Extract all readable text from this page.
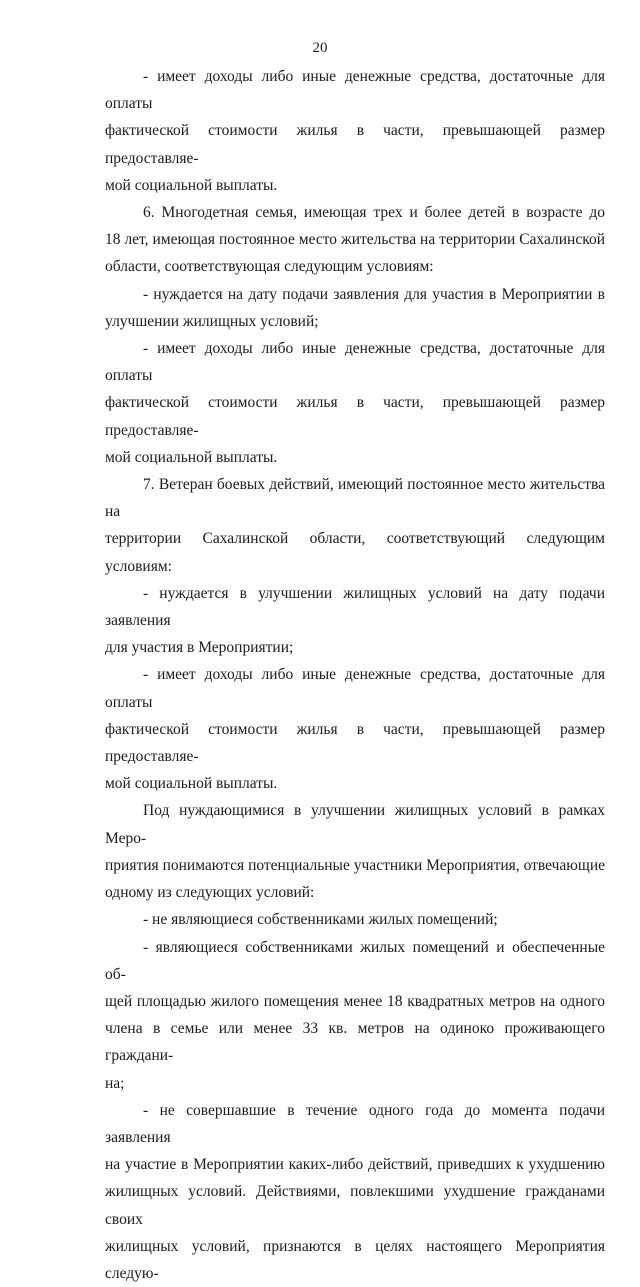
20

- имеет доходы либо иные денежные средства, достаточные для оплаты
фактической стоимости жилья в части, превышающей размер предоставляе-
мой социальной выплаты.

6. Многодетная семья, имеющая трех и более детей в возрасте до
18 лет, имеющая постоянное место жительства на территории Сахалинской
области, соответствующая следующим условиям:

- нуждается на дату подачи заявления для участия в Мероприятии в
улучшении жилищных условий;

- имеет доходы либо иные денежные средства, достаточные для оплаты
фактической стоимости жилья в части, превышающей размер предоставляе-
мой социальной выплаты.

7. Ветеран боевых действий, имеющий постоянное место жительства на
территории Сахалинской области, соответствующий следующим условиям:

- нуждается в улучшении жилищных условий на дату подачи заявления
для участия в Мероприятии;

- имеет доходы либо иные денежные средства, достаточные для оплаты
фактической стоимости жилья в части, превышающей размер предоставляе-
мой социальной выплаты.

Под нуждающимися в улучшении жилищных условий в рамках Меро-
приятия понимаются потенциальные участники Мероприятия, отвечающие
одному из следующих условий:

- не являющиеся собственниками жилых помещений;

- являющиеся собственниками жилых помещений и обеспеченные об-
щей площадью жилого помещения менее 18 квадратных метров на одного
члена в семье или менее 33 кв. метров на одиноко проживающего граждани-
на;

- не совершавшие в течение одного года до момента подачи заявления
на участие в Мероприятии каких-либо действий, приведших к ухудшению
жилищных условий. Действиями, повлекшими ухудшение гражданами своих
жилищных условий, признаются в целях настоящего Мероприятия следую-
